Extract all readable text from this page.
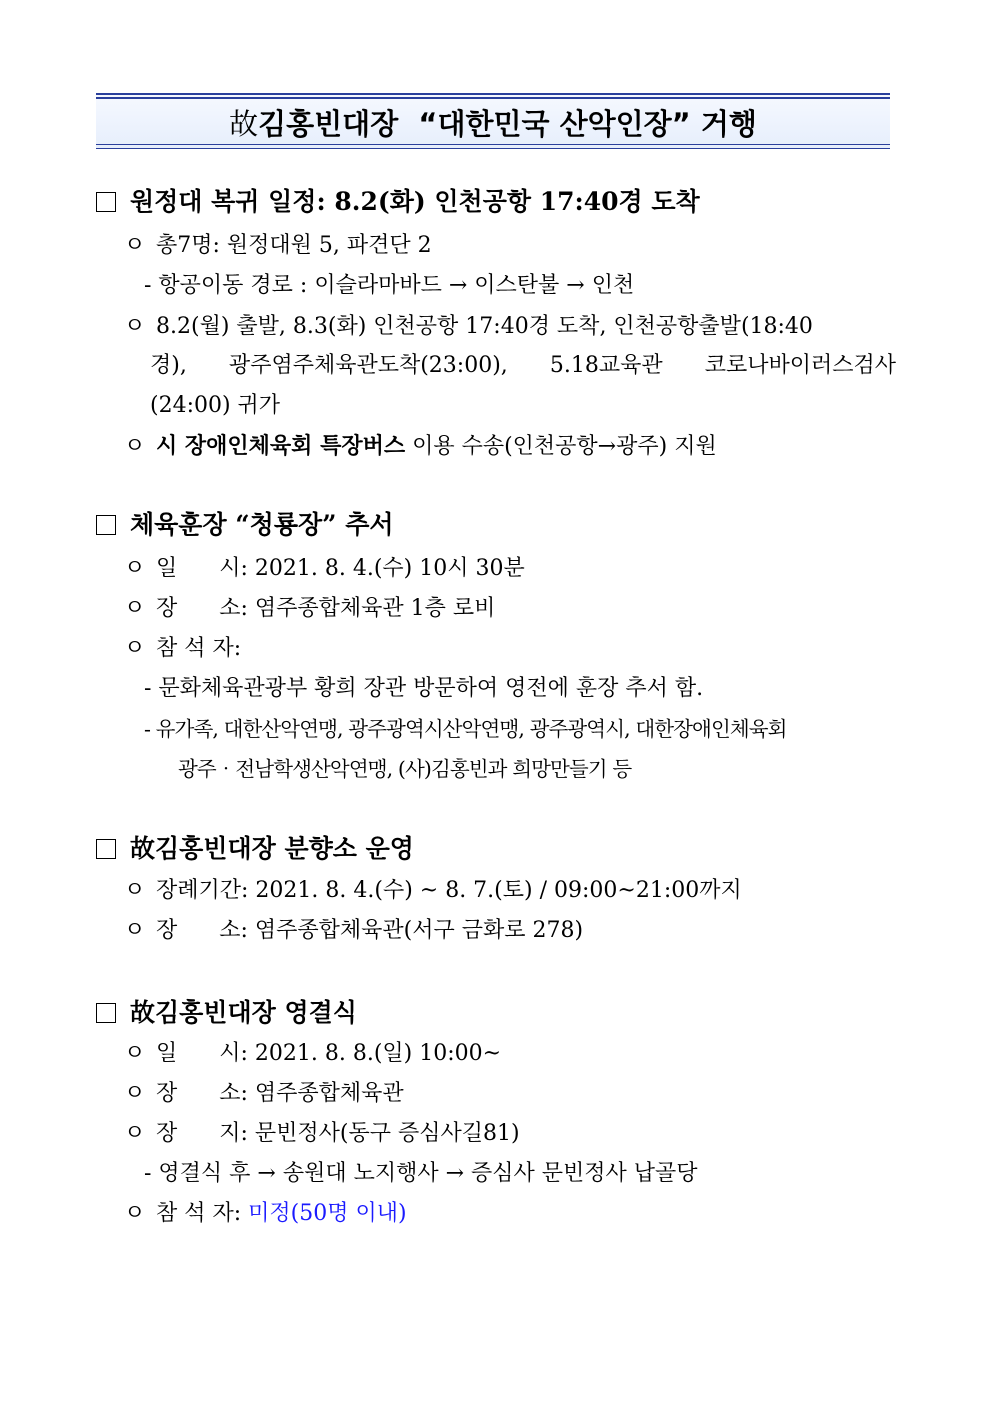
故김홍빈대장  “대한민국 산악인장” 거행
원정대 복귀 일정: 8.2(화) 인천공항 17:40경 도착
ㅇ 총7명: 원정대원 5, 파견단 2
- 항공이동 경로 : 이슬라마바드 → 이스탄불 → 인천
ㅇ 8.2(월) 출발, 8.3(화) 인천공항 17:40경 도착, 인천공항출발(18:40
경), 광주염주체육관도착(23:00), 5.18교육관 코로나바이러스검사
(24:00) 귀가
ㅇ 시 장애인체육회 특장버스 이용 수송(인천공항→광주) 지원
체육훈장 “청룡장” 추서
ㅇ 일      시: 2021. 8. 4.(수) 10시 30분
ㅇ 장      소: 염주종합체육관 1층 로비
ㅇ 참 석 자:
- 문화체육관광부 황희 장관 방문하여 영전에 훈장 추서 함.
- 유가족, 대한산악연맹, 광주광역시산악연맹, 광주광역시, 대한장애인체육회
광주‧전남학생산악연맹, (사)김홍빈과 희망만들기 등
故김홍빈대장 분향소 운영
ㅇ 장례기간: 2021. 8. 4.(수) ~ 8. 7.(토) / 09:00~21:00까지
ㅇ 장      소: 염주종합체육관(서구 금화로 278)
故김홍빈대장 영결식
ㅇ 일      시: 2021. 8. 8.(일) 10:00~
ㅇ 장      소: 염주종합체육관
ㅇ 장      지: 문빈정사(동구 증심사길81)
- 영결식 후 → 송원대 노지행사 → 증심사 문빈정사 납골당
ㅇ 참 석 자: 미정(50명 이내)
